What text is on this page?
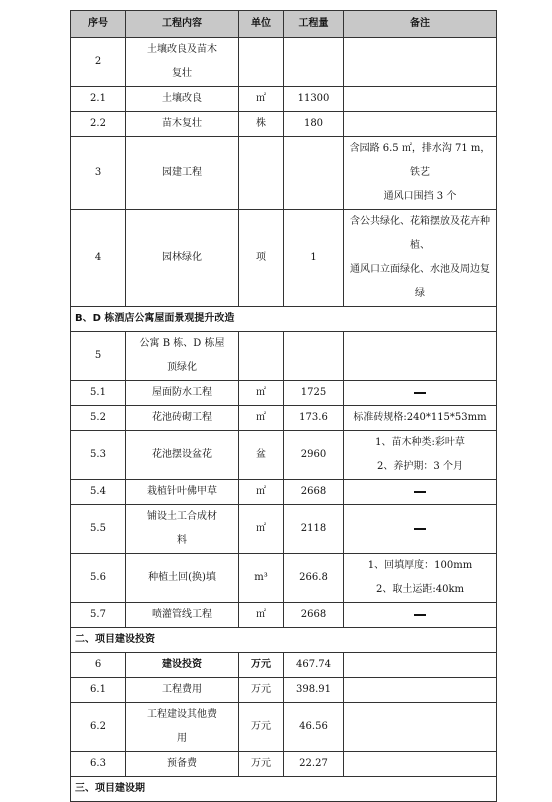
序号	工程内容	单位	工程量	备注
2	土壤改良及苗木
复壮			

2.1	土壤改良	㎡	11300	
2.2	苗木复壮	株	180	
3	园建工程			含园路 6.5 ㎡，排水沟 71 m，铁艺
通风口围挡 3 个

4	园林绿化	项	1	含公共绿化、花箱摆放及花卉种植、
通风口立面绿化、水池及周边复绿

B、D 栋酒店公寓屋面景观提升改造				
5	公寓 B 栋、D 栋屋
顶绿化			

5.1	屋面防水工程	㎡	1725	
5.2	花池砖砌工程	㎡	173.6	标准砖规格:240*115*53mm

5.3	花池摆设盆花	盆	2960	1、苗木种类:彩叶草
2、养护期：3 个月

5.4	栽植针叶佛甲草	㎡	2668	
5.5	铺设土工合成材
料	㎡	2118	
5.6	种植土回(换)填	m³	266.8	1、回填厚度：100mm
2、取土运距:40km

5.7	喷灌管线工程	㎡	2668	
二、项目建设投资				
6	建设投资	万元	467.74	
6.1	工程费用	万元	398.91	
6.2	工程建设其他费
用	万元	46.56	
6.3	预备费	万元	22.27	
三、项目建设期				
